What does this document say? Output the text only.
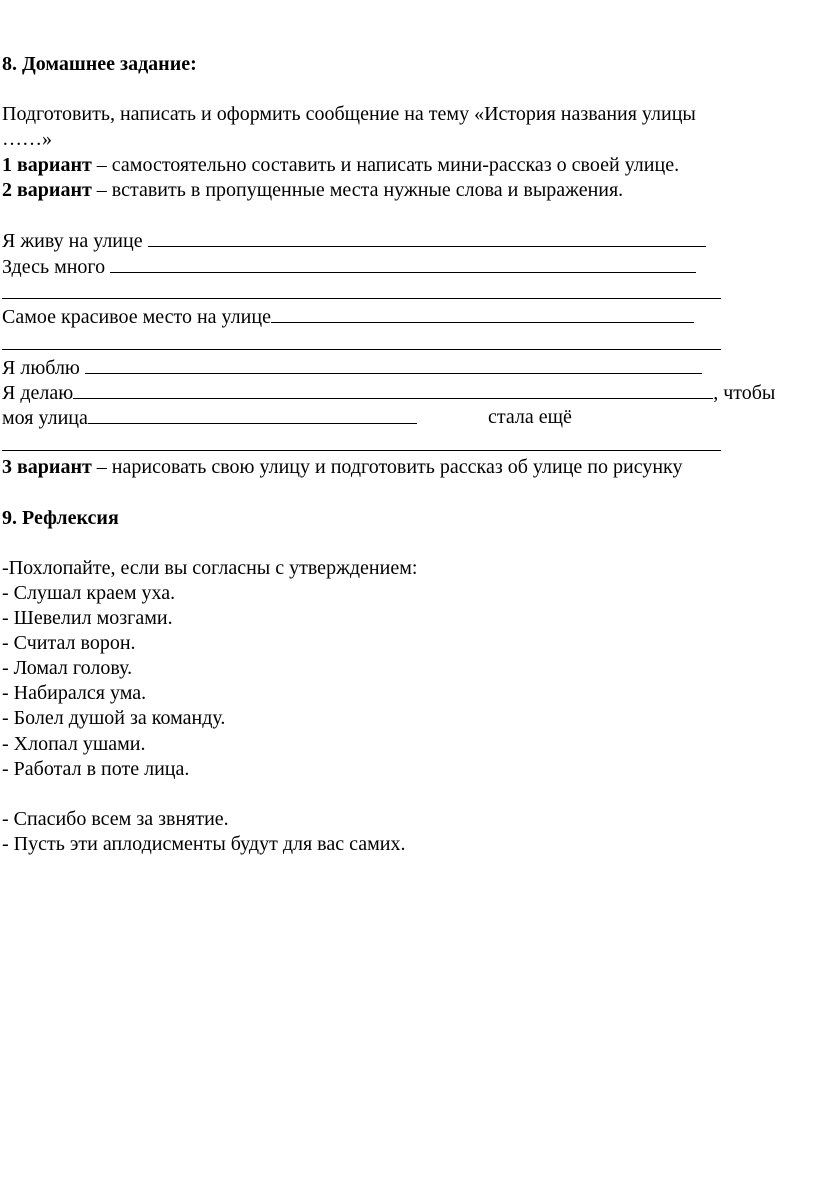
8. Домашнее задание:
Подготовить, написать и оформить сообщение на тему «История названия улицы
……»
1 вариант – самостоятельно составить и написать мини-рассказ о своей улице.
2 вариант – вставить в пропущенные места нужные слова и выражения.
Я живу на улице
Здесь много
Самое красивое место на улице
Я люблю
Я делаю	, чтобы
моя улица	стала ещё
3 вариант – нарисовать свою улицу и подготовить рассказ об улице по рисунку
9. Рефлексия
-Похлопайте, если вы согласны с утверждением:
- Слушал краем уха.
- Шевелил мозгами.
- Считал ворон.
- Ломал голову.
- Набирался ума.
- Болел душой за команду.
- Хлопал ушами.
- Работал в поте лица.
- Спасибо всем за звнятие.
- Пусть эти аплодисменты будут для вас самих.
